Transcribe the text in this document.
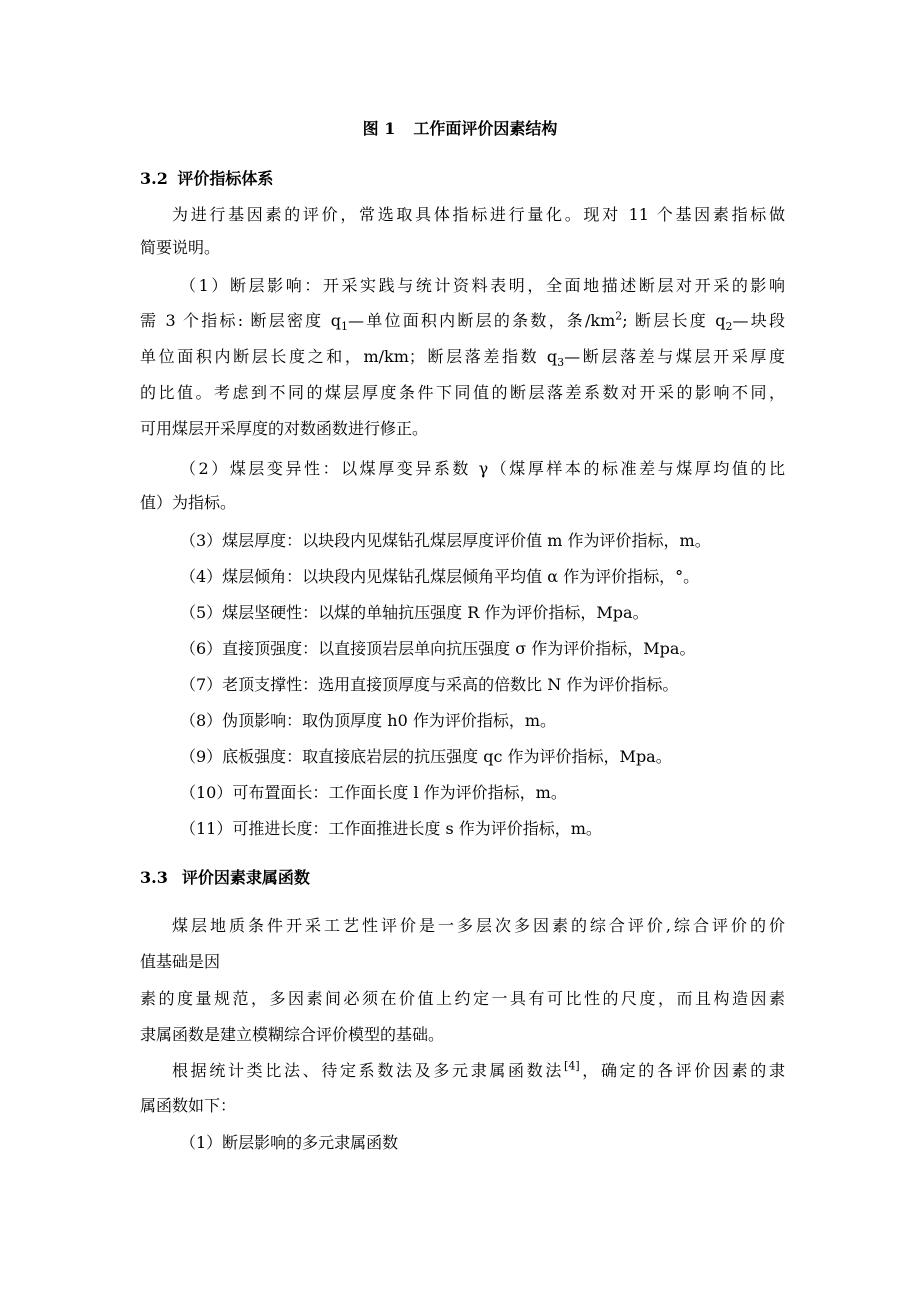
图 1 工作面评价因素结构
3.2 评价指标体系
为进行基因素的评价，常选取具体指标进行量化。现对 11 个基因素指标做
简要说明。
（1）断层影响：开采实践与统计资料表明，全面地描述断层对开采的影响
需 3 个指标: 断层密度 $q_1—$单位面积内断层的条数，条$/km^2$; 断层长度 $q_2—$块段
单位面积内断层长度之和，m/km；断层落差指数 $q_3—$断层落差与煤层开采厚度
的比值。考虑到不同的煤层厚度条件下同值的断层落差系数对开采的影响不同，
可用煤层开采厚度的对数函数进行修正。
（2）煤层变异性：以煤厚变异系数 γ（煤厚样本的标准差与煤厚均值的比
值）为指标。
（3）煤层厚度：以块段内见煤钻孔煤层厚度评价值 m 作为评价指标，m。
（4）煤层倾角：以块段内见煤钻孔煤层倾角平均值 α 作为评价指标，°。
（5）煤层坚硬性：以煤的单轴抗压强度 R 作为评价指标，Mpa。
（6）直接顶强度：以直接顶岩层单向抗压强度 σ 作为评价指标，Mpa。
（7）老顶支撑性：选用直接顶厚度与采高的倍数比 N 作为评价指标。
（8）伪顶影响：取伪顶厚度 h0 作为评价指标，m。
（9）底板强度：取直接底岩层的抗压强度 qc 作为评价指标，Mpa。
（10）可布置面长：工作面长度 l 作为评价指标，m。
（11）可推进长度：工作面推进长度 s 作为评价指标，m。
3.3 评价因素隶属函数
煤层地质条件开采工艺性评价是一多层次多因素的综合评价,综合评价的价
值基础是因
素的度量规范，多因素间必须在价值上约定一具有可比性的尺度，而且构造因素
隶属函数是建立模糊综合评价模型的基础。
根据统计类比法、待定系数法及多元隶属函数法[4]，确定的各评价因素的隶
属函数如下：
（1）断层影响的多元隶属函数
